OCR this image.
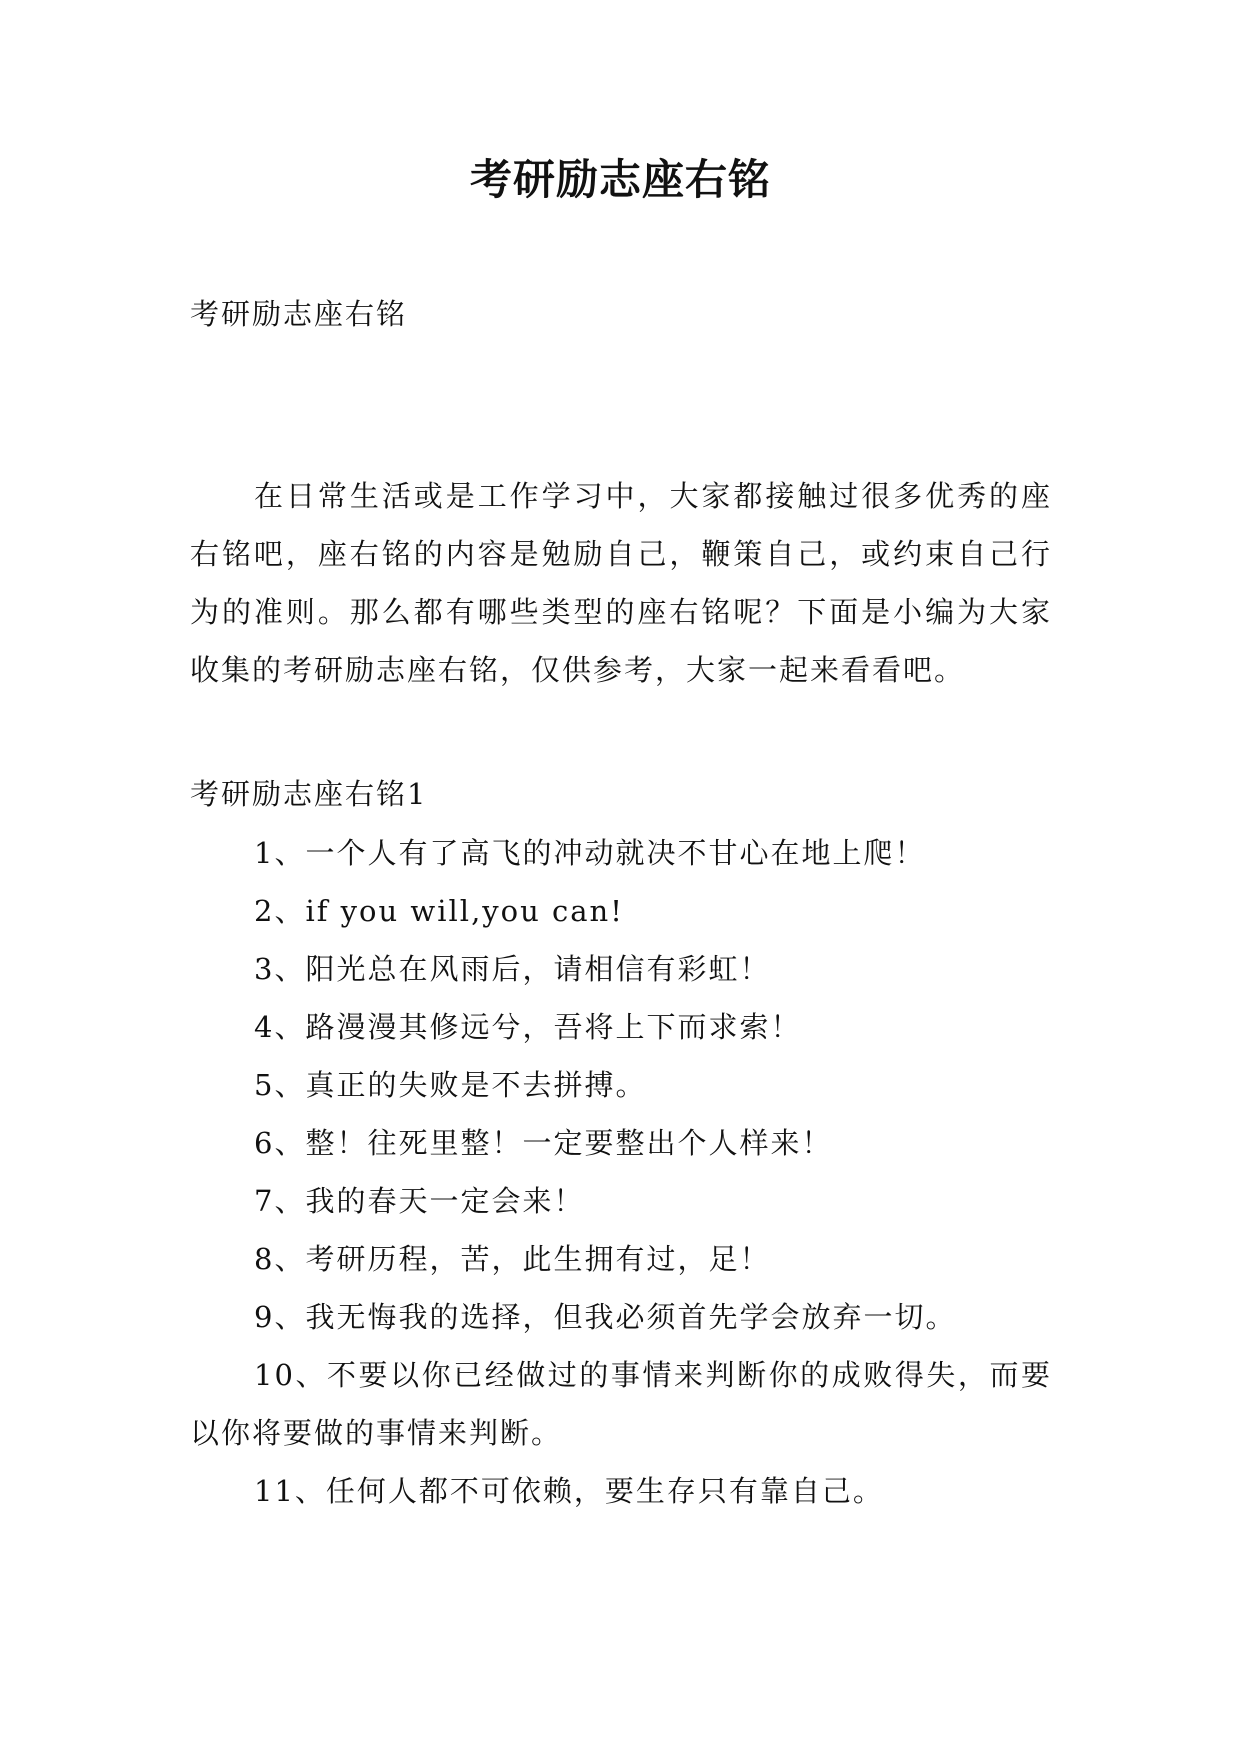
考研励志座右铭

考研励志座右铭

在日常生活或是工作学习中，大家都接触过很多优秀的座右铭吧，座右铭的内容是勉励自己，鞭策自己，或约束自己行为的准则。那么都有哪些类型的座右铭呢？下面是小编为大家收集的考研励志座右铭，仅供参考，大家一起来看看吧。

考研励志座右铭1

1、一个人有了高飞的冲动就决不甘心在地上爬！
2、if you will,you can!
3、阳光总在风雨后，请相信有彩虹！
4、路漫漫其修远兮，吾将上下而求索！
5、真正的失败是不去拼搏。
6、整！往死里整！一定要整出个人样来！
7、我的春天一定会来！
8、考研历程，苦，此生拥有过，足！
9、我无悔我的选择，但我必须首先学会放弃一切。
10、不要以你已经做过的事情来判断你的成败得失，而要以你将要做的事情来判断。
11、任何人都不可依赖，要生存只有靠自己。
